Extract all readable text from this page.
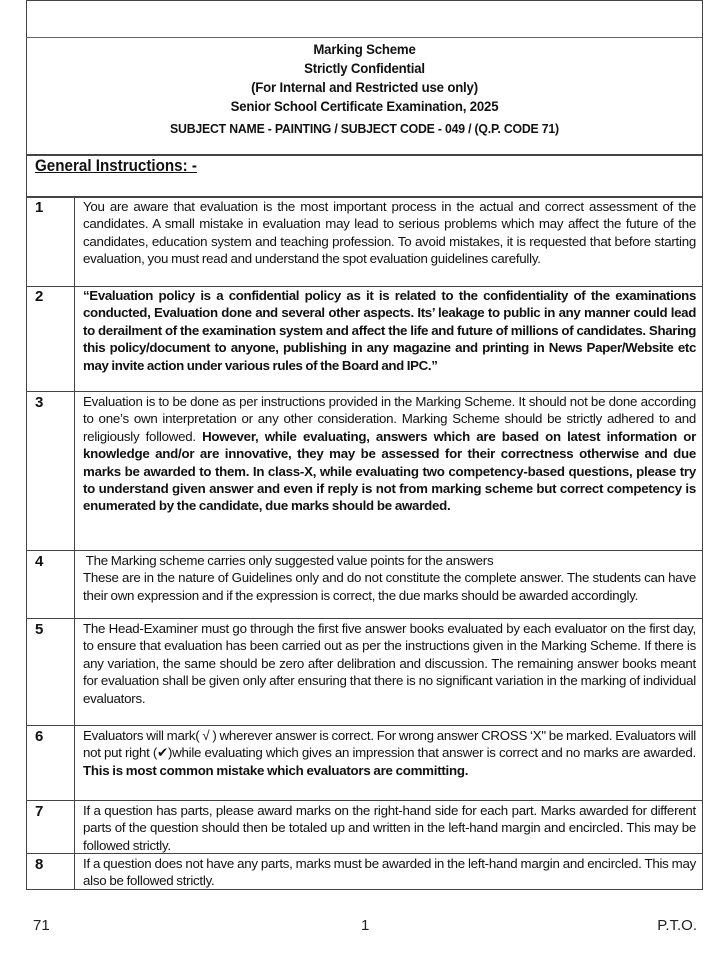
Marking Scheme
Strictly Confidential
(For Internal and Restricted use only)
Senior School Certificate Examination, 2025
SUBJECT NAME - PAINTING / SUBJECT CODE - 049 / (Q.P. CODE 71)
General Instructions: -
1	You are aware that evaluation is the most important process in the actual and correct assessment of the candidates. A small mistake in evaluation may lead to serious problems which may affect the future of the candidates, education system and teaching profession. To avoid mistakes, it is requested that before starting evaluation, you must read and understand the spot evaluation guidelines carefully.
2	“Evaluation policy is a confidential policy as it is related to the confidentiality of the examinations conducted, Evaluation done and several other aspects. Its’ leakage to public in any manner could lead to derailment of the examination system and affect the life and future of millions of candidates. Sharing this policy/document to anyone, publishing in any magazine and printing in News Paper/Website etc may invite action under various rules of the Board and IPC.”
3	Evaluation is to be done as per instructions provided in the Marking Scheme. It should not be done according to one’s own interpretation or any other consideration. Marking Scheme should be strictly adhered to and religiously followed. However, while evaluating, answers which are based on latest information or knowledge and/or are innovative, they may be assessed for their correctness otherwise and due marks be awarded to them. In class-X, while evaluating two competency-based questions, please try to understand given answer and even if reply is not from marking scheme but correct competency is enumerated by the candidate, due marks should be awarded.
4	The Marking scheme carries only suggested value points for the answers
These are in the nature of Guidelines only and do not constitute the complete answer. The students can have their own expression and if the expression is correct, the due marks should be awarded accordingly.
5	The Head-Examiner must go through the first five answer books evaluated by each evaluator on the first day, to ensure that evaluation has been carried out as per the instructions given in the Marking Scheme. If there is any variation, the same should be zero after delibration and discussion. The remaining answer books meant for evaluation shall be given only after ensuring that there is no significant variation in the marking of individual evaluators.
6	Evaluators will mark( √ ) wherever answer is correct. For wrong answer CROSS ‘X" be marked. Evaluators will not put right (✔)while evaluating which gives an impression that answer is correct and no marks are awarded. This is most common mistake which evaluators are committing.
7	If a question has parts, please award marks on the right-hand side for each part. Marks awarded for different parts of the question should then be totaled up and written in the left-hand margin and encircled. This may be followed strictly.
8	If a question does not have any parts, marks must be awarded in the left-hand margin and encircled. This may also be followed strictly.
71	1	P.T.O.
